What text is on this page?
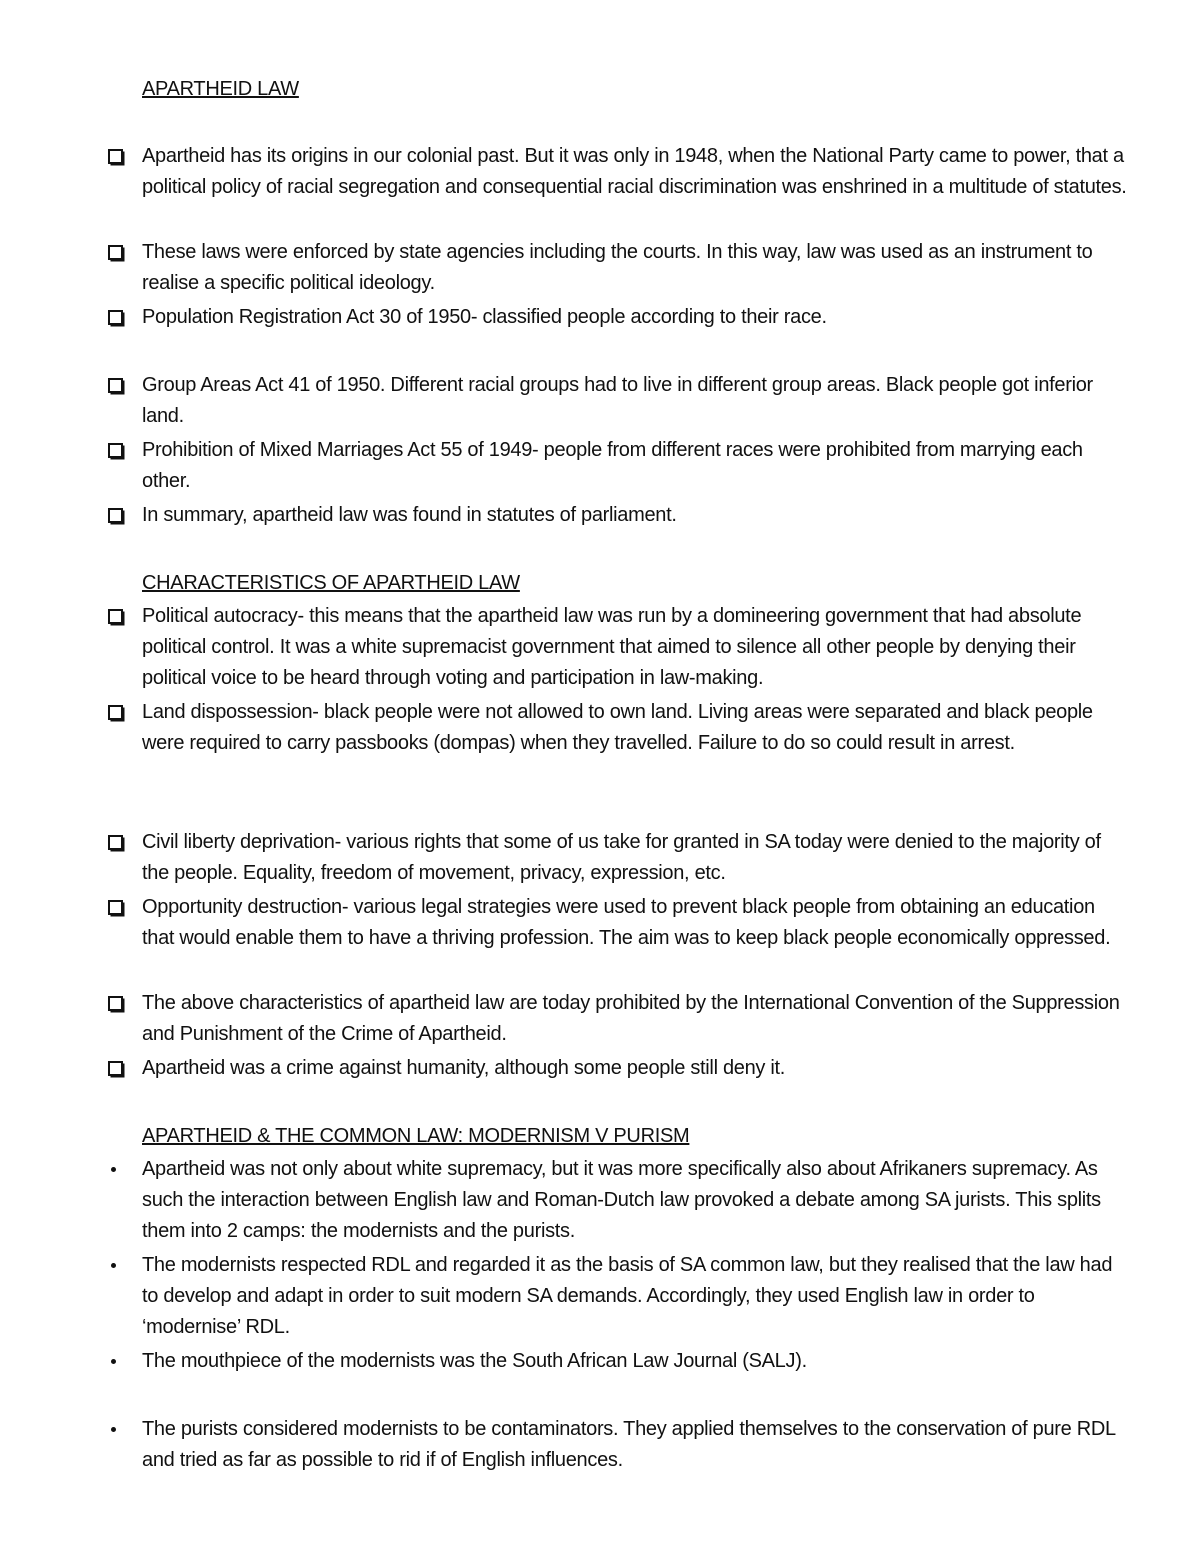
APARTHEID LAW
Apartheid has its origins in our colonial past. But it was only in 1948, when the National Party came to power, that a political policy of racial segregation and consequential racial discrimination was enshrined in a multitude of statutes.
These laws were enforced by state agencies including the courts. In this way, law was used as an instrument to realise a specific political ideology.
Population Registration Act 30 of 1950- classified people according to their race.
Group Areas Act 41 of 1950. Different racial groups had to live in different group areas. Black people got inferior land.
Prohibition of Mixed Marriages Act 55 of 1949- people from different races were prohibited from marrying each other.
In summary, apartheid law was found in statutes of parliament.
CHARACTERISTICS OF APARTHEID LAW
Political autocracy- this means that the apartheid law was run by a domineering government that had absolute political control. It was a white supremacist government that aimed to silence all other people by denying their political voice to be heard through voting and participation in law-making.
Land dispossession- black people were not allowed to own land. Living areas were separated and black people were required to carry passbooks (dompas) when they travelled. Failure to do so could result in arrest.
Civil liberty deprivation- various rights that some of us take for granted in SA today were denied to the majority of the people. Equality, freedom of movement, privacy, expression, etc.
Opportunity destruction- various legal strategies were used to prevent black people from obtaining an education that would enable them to have a thriving profession. The aim was to keep black people economically oppressed.
The above characteristics of apartheid law are today prohibited by the International Convention of the Suppression and Punishment of the Crime of Apartheid.
Apartheid was a crime against humanity, although some people still deny it.
APARTHEID & THE COMMON LAW: MODERNISM V PURISM
Apartheid was not only about white supremacy, but it was more specifically also about Afrikaners supremacy. As such the interaction between English law and Roman-Dutch law provoked a debate among SA jurists. This splits them into 2 camps: the modernists and the purists.
The modernists respected RDL and regarded it as the basis of SA common law, but they realised that the law had to develop and adapt in order to suit modern SA demands. Accordingly, they used English law in order to ‘modernise’ RDL.
The mouthpiece of the modernists was the South African Law Journal (SALJ).
The purists considered modernists to be contaminators. They applied themselves to the conservation of pure RDL and tried as far as possible to rid if of English influences.
